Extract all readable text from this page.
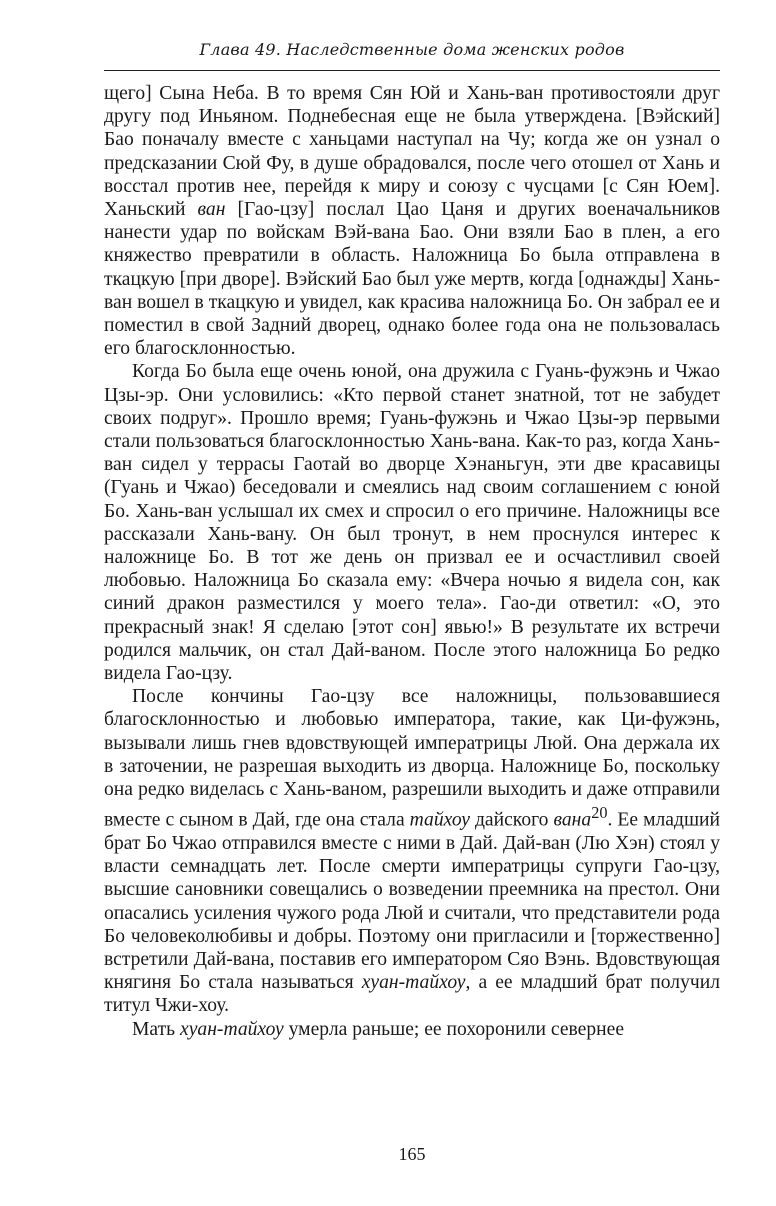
Глава 49. Наследственные дома женских родов

щего] Сына Неба. В то время Сян Юй и Хань-ван противостояли друг другу под Иньяном. Поднебесная еще не была утверждена. [Вэйский] Бао поначалу вместе с ханьцами наступал на Чу; когда же он узнал о предсказании Сюй Фу, в душе обрадовался, после чего отошел от Хань и восстал против нее, перейдя к миру и союзу с чусцами [с Сян Юем]. Ханьский ван [Гао-цзу] послал Цао Цаня и других военачальников нанести удар по войскам Вэй-вана Бао. Они взяли Бао в плен, а его княжество превратили в область. Наложница Бо была отправлена в ткацкую [при дворе]. Вэйский Бао был уже мертв, когда [однажды] Хань-ван вошел в ткацкую и увидел, как красива наложница Бо. Он забрал ее и поместил в свой Задний дворец, однако более года она не пользовалась его благосклонностью.

Когда Бо была еще очень юной, она дружила с Гуань-фужэнь и Чжао Цзы-эр. Они условились: «Кто первой станет знатной, тот не забудет своих подруг». Прошло время; Гуань-фужэнь и Чжао Цзы-эр первыми стали пользоваться благосклонностью Хань-вана. Как-то раз, когда Хань-ван сидел у террасы Гаотай во дворце Хэнаньгун, эти две красавицы (Гуань и Чжао) беседовали и смеялись над своим соглашением с юной Бо. Хань-ван услышал их смех и спросил о его причине. Наложницы все рассказали Хань-вану. Он был тронут, в нем проснулся интерес к наложнице Бо. В тот же день он призвал ее и осчастливил своей любовью. Наложница Бо сказала ему: «Вчера ночью я видела сон, как синий дракон разместился у моего тела». Гао-ди ответил: «О, это прекрасный знак! Я сделаю [этот сон] явью!» В результате их встречи родился мальчик, он стал Дай-ваном. После этого наложница Бо редко видела Гао-цзу.

После кончины Гао-цзу все наложницы, пользовавшиеся благосклонностью и любовью императора, такие, как Ци-фужэнь, вызывали лишь гнев вдовствующей императрицы Люй. Она держала их в заточении, не разрешая выходить из дворца. Наложнице Бо, поскольку она редко виделась с Хань-ваном, разрешили выходить и даже отправили вместе с сыном в Дай, где она стала тайхоу дайского вана$^{20}$. Ее младший брат Бо Чжао отправился вместе с ними в Дай. Дай-ван (Лю Хэн) стоял у власти семнадцать лет. После смерти императрицы супруги Гао-цзу, высшие сановники совещались о возведении преемника на престол. Они опасались усиления чужого рода Люй и считали, что представители рода Бо человеколюбивы и добры. Поэтому они пригласили и [торжественно] встретили Дай-вана, поставив его императором Сяо Вэнь. Вдовствующая княгиня Бо стала называться хуан-тайхоу, а ее младший брат получил титул Чжи-хоу.

Мать хуан-тайхоу умерла раньше; ее похоронили севернее

165
